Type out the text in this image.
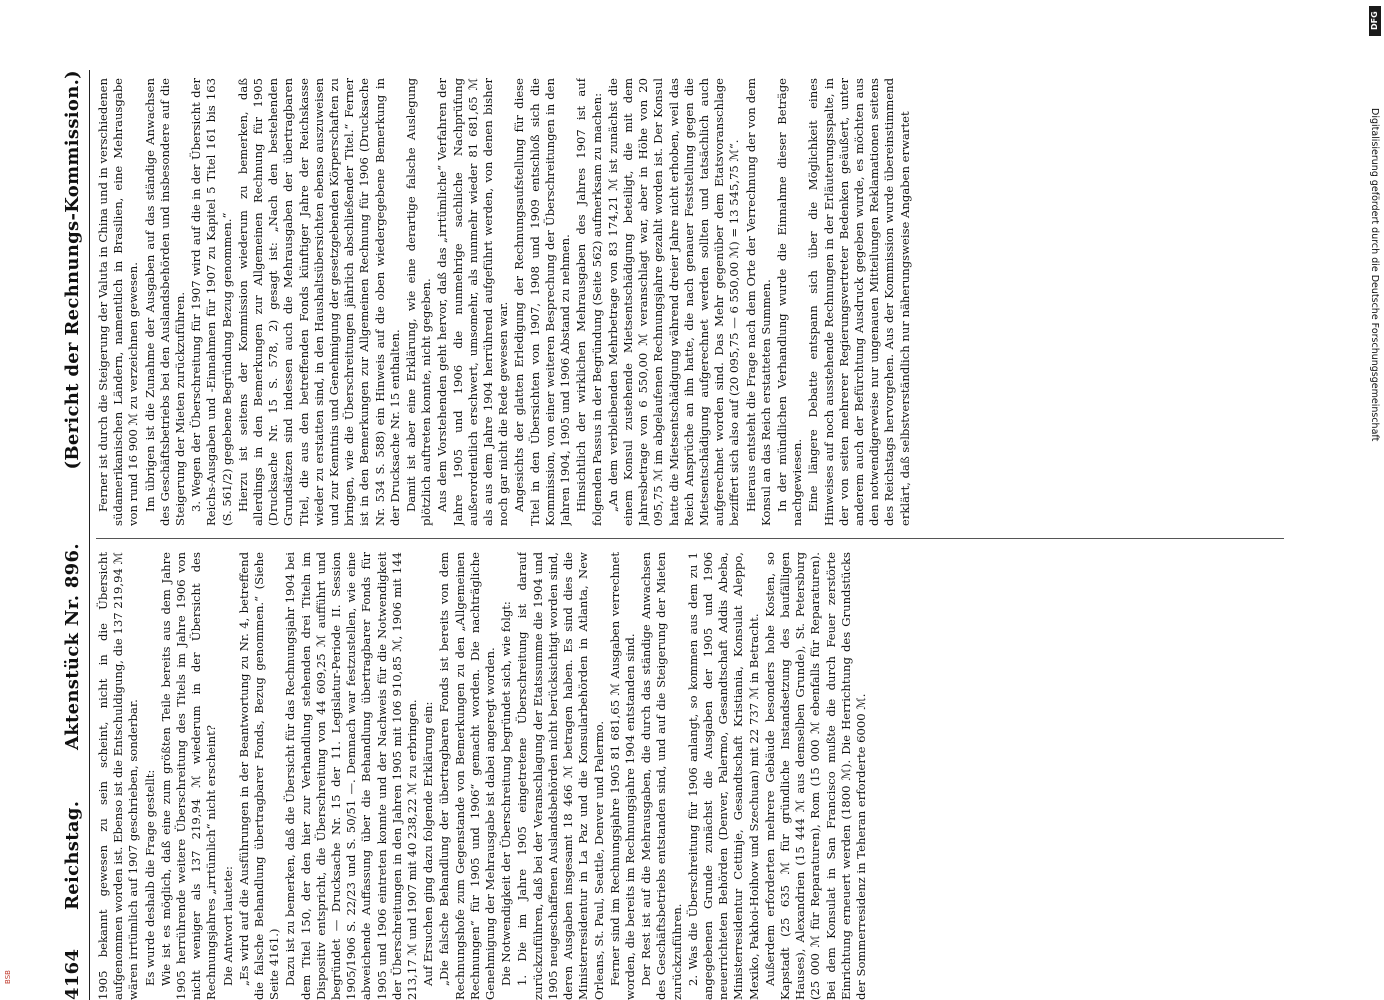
4164
Reichstag.
Aktenstück Nr. 896.
(Bericht der Rechnungs-Kommission.)

1905 bekannt gewesen zu sein scheint, nicht in die Übersicht aufgenommen worden ist. Ebenso ist die Entschuldigung, die 137 219,94 ℳ wären irrtümlich auf 1907 geschrieben, sonderbar. Es wurde deshalb die Frage gestellt: Wie ist es möglich, daß eine zum größten Teile bereits aus dem Jahre 1905 herrührende weitere Überschreitung des Titels im Jahre 1906 von nicht weniger als 137 219,94 ℳ wiederum in der Übersicht des Rechnungsjahres „irrtümlich“ nicht erscheint? Die Antwort lautete: „Es wird auf die Ausführungen in der Beantwortung zu Nr. 4, betreffend die falsche Behandlung übertragbarer Fonds, Bezug genommen.“ (Siehe Seite 4161.) Dazu ist zu bemerken, daß die Übersicht für das Rechnungsjahr 1904 bei dem Titel 150, der den hier zur Verhandlung stehenden drei Titeln im Dispositiv entspricht, die Überschreitung von 44 609,25 ℳ aufführt und begründet — Drucksache Nr. 15 der 11. Legislatur-Periode II. Session 1905/1906 S. 22/23 und S. 50/51 —. Demnach war festzustellen, wie eine abweichende Auffassung über die Behandlung übertragbarer Fonds für 1905 und 1906 eintreten konnte und der Nachweis für die Notwendigkeit der Überschreitungen in den Jahren 1905 mit 106 910,85 ℳ, 1906 mit 144 213,17 ℳ und 1907 mit 40 238,22 ℳ zu erbringen. Auf Ersuchen ging dazu folgende Erklärung ein: „Die falsche Behandlung der übertragbaren Fonds ist bereits von dem Rechnungshofe zum Gegenstande von Bemerkungen zu den „Allgemeinen Rechnungen“ für 1905 und 1906“ gemacht worden. Die nachträgliche Genehmigung der Mehrausgabe ist dabei angeregt worden. Die Notwendigkeit der Überschreitung begründet sich, wie folgt: 1. Die im Jahre 1905 eingetretene Überschreitung ist darauf zurückzuführen, daß bei der Veranschlagung der Etatssumme die 1904 und 1905 neugeschaffenen Auslandsbehörden nicht berücksichtigt worden sind, deren Ausgaben insgesamt 18 466 ℳ betragen haben. Es sind dies die Ministerresidentur in La Paz und die Konsularbehörden in Atlanta, New Orleans, St. Paul, Seattle, Denver und Palermo. Ferner sind im Rechnungsjahre 1905 81 681,65 ℳ Ausgaben verrechnet worden, die bereits im Rechnungsjahre 1904 entstanden sind. Der Rest ist auf die Mehrausgaben, die durch das ständige Anwachsen des Geschäftsbetriebs entstanden sind, und auf die Steigerung der Mieten zurückzuführen. 2. Was die Überschreitung für 1906 anlangt, so kommen aus dem zu 1 angegebenen Grunde zunächst die Ausgaben der 1905 und 1906 neuerrichteten Behörden (Denver, Palermo, Gesandtschaft Addis Abeba, Ministerresidentur Cettinje, Gesandtschaft Kristiania, Konsulat Aleppo, Mexiko, Pakhoi-Hoihow und Szechuan) mit 22 737 ℳ in Betracht. Außerdem erforderten mehrere Gebäude besonders hohe Kosten, so Kapstadt (25 635 ℳ für gründliche Instandsetzung des baufälligen Hauses), Alexandrien (15 444 ℳ aus demselben Grunde), St. Petersburg (25 000 ℳ für Reparaturen), Rom (15 000 ℳ ebenfalls für Reparaturen). Bei dem Konsulat in San Francisco mußte die durch Feuer zerstörte Einrichtung erneuert werden (1800 ℳ). Die Herrichtung des Grundstücks der Sommerresidenz in Teheran erforderte 6000 ℳ.

Ferner ist durch die Steigerung der Valuta in China und in verschiedenen südamerikanischen Ländern, namentlich in Brasilien, eine Mehrausgabe von rund 16 900 ℳ zu verzeichnen gewesen. Im übrigen ist die Zunahme der Ausgaben auf das ständige Anwachsen des Geschäftsbetriebs bei den Auslandsbehörden und insbesondere auf die Steigerung der Mieten zurückzuführen. 3. Wegen der Überschreitung für 1907 wird auf die in der Übersicht der Reichs-Ausgaben und -Einnahmen für 1907 zu Kapitel 5 Titel 161 bis 163 (S. 561/2) gegebene Begründung Bezug genommen.“ Hierzu ist seitens der Kommission wiederum zu bemerken, daß allerdings in den Bemerkungen zur Allgemeinen Rechnung für 1905 (Drucksache Nr. 15 S. 578, 2) gesagt ist: „Nach den bestehenden Grundsätzen sind indessen auch die Mehrausgaben der übertragbaren Titel, die aus den betreffenden Fonds künftiger Jahre der Reichskasse wieder zu erstatten sind, in den Haushaltsübersichten ebenso auszuweisen und zur Kenntnis und Genehmigung der gesetzgebenden Körperschaften zu bringen, wie die Überschreitungen jährlich abschließender Titel.“ Ferner ist in den Bemerkungen zur Allgemeinen Rechnung für 1906 (Drucksache Nr. 534 S. 588) ein Hinweis auf die oben wiedergegebene Bemerkung in der Drucksache Nr. 15 enthalten. Damit ist aber eine Erklärung, wie eine derartige falsche Auslegung plötzlich auftreten konnte, nicht gegeben. Aus dem Vorstehenden geht hervor, daß das „irrtümliche“ Verfahren der Jahre 1905 und 1906 die nunmehrige sachliche Nachprüfung außerordentlich erschwert, umsomehr, als nunmehr wieder 81 681,65 ℳ als aus dem Jahre 1904 herrührend aufgeführt werden, von denen bisher noch gar nicht die Rede gewesen war. Angesichts der glatten Erledigung der Rechnungsaufstellung für diese Titel in den Übersichten von 1907, 1908 und 1909 entschloß sich die Kommission, von einer weiteren Besprechung der Überschreitungen in den Jahren 1904, 1905 und 1906 Abstand zu nehmen. Hinsichtlich der wirklichen Mehrausgaben des Jahres 1907 ist auf folgenden Passus in der Begründung (Seite 562) aufmerksam zu machen: „An dem verbleibenden Mehrbetrage von 83 174,21 ℳ ist zunächst die einem Konsul zustehende Mietsentschädigung beteiligt, die mit dem Jahresbetrage von 6 550,00 ℳ veranschlagt war, aber in Höhe von 20 095,75 ℳ im abgelaufenen Rechnungsjahre gezahlt worden ist. Der Konsul hatte die Mietsentschädigung während dreier Jahre nicht erhoben, weil das Reich Ansprüche an ihn hatte, die nach genauer Feststellung gegen die Mietsentschädigung aufgerechnet werden sollten und tatsächlich auch aufgerechnet worden sind. Das Mehr gegenüber dem Etatsvoranschlage beziffert sich also auf (20 095,75 — 6 550,00 ℳ) = 13 545,75 ℳ“. Hieraus entsteht die Frage nach dem Orte der Verrechnung der von dem Konsul an das Reich erstatteten Summen. In der mündlichen Verhandlung wurde die Einnahme dieser Beträge nachgewiesen. Eine längere Debatte entspann sich über die Möglichkeit eines Hinweises auf noch ausstehende Rechnungen in der Erläuterungsspalte, in der von seiten mehrerer Regierungsvertreter Bedenken geäußert, unter anderem auch der Befürchtung Ausdruck gegeben wurde, es möchten aus den notwendigerweise nur ungenauen Mitteilungen Reklamationen seitens des Reichstags hervorgehen. Aus der Kommission wurde übereinstimmend erklärt, daß selbstverständlich nur näherungsweise Angaben erwartet	Digitalisierung gefördert durch die Deutsche Forschungsgemeinschaft
DFG
BSB
